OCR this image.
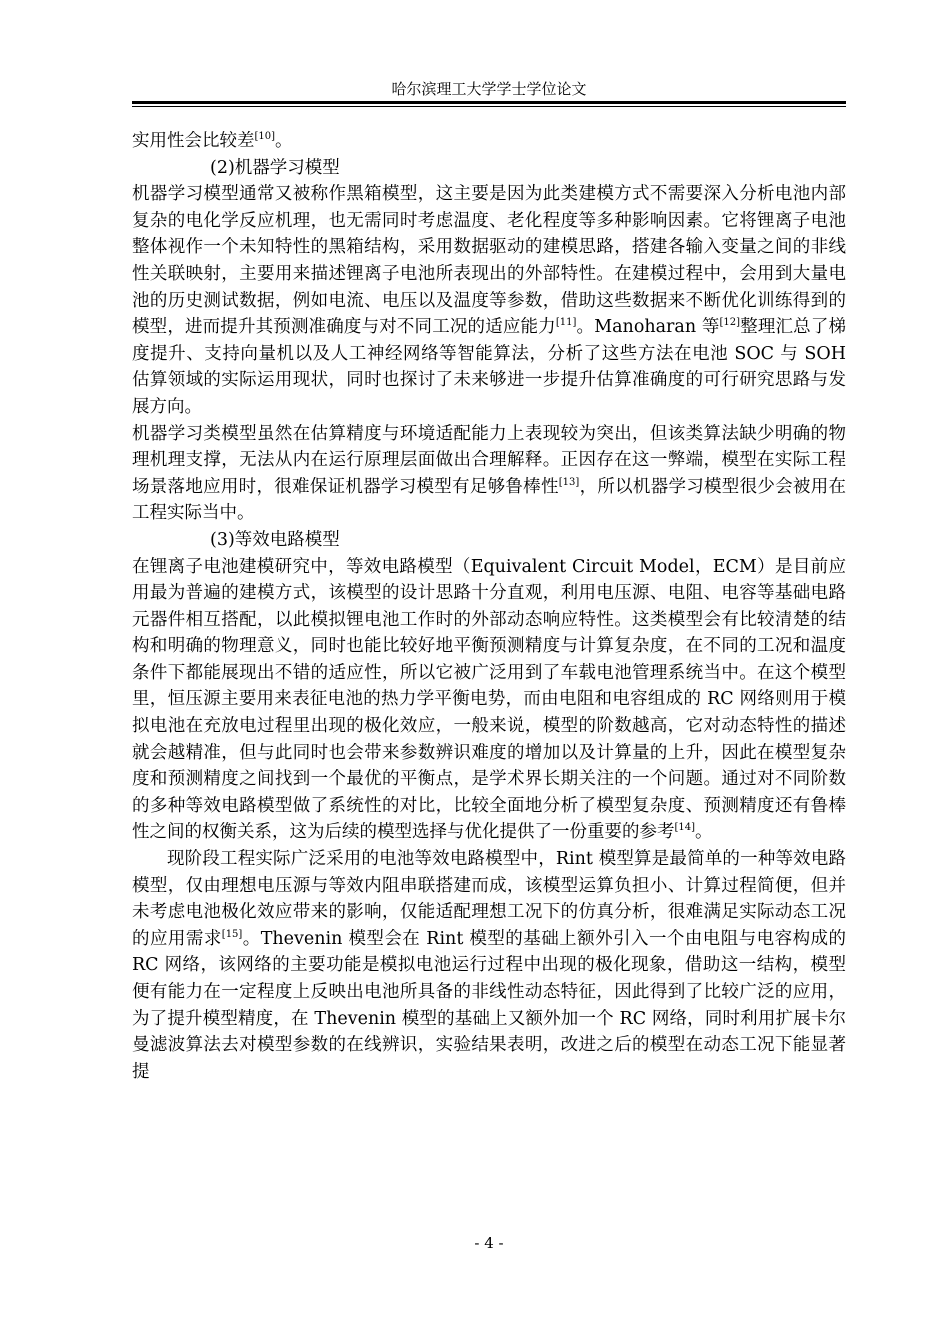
哈尔滨理工大学学士学位论文

实用性会比较差[10]。

(2)机器学习模型

机器学习模型通常又被称作黑箱模型，这主要是因为此类建模方式不需要深入分析电池内部复杂的电化学反应机理，也无需同时考虑温度、老化程度等多种影响因素。它将锂离子电池整体视作一个未知特性的黑箱结构，采用数据驱动的建模思路，搭建各输入变量之间的非线性关联映射，主要用来描述锂离子电池所表现出的外部特性。在建模过程中，会用到大量电池的历史测试数据，例如电流、电压以及温度等参数，借助这些数据来不断优化训练得到的模型，进而提升其预测准确度与对不同工况的适应能力[11]。Manoharan 等[12]整理汇总了梯度提升、支持向量机以及人工神经网络等智能算法，分析了这些方法在电池 SOC 与 SOH 估算领域的实际运用现状，同时也探讨了未来够进一步提升估算准确度的可行研究思路与发展方向。

机器学习类模型虽然在估算精度与环境适配能力上表现较为突出，但该类算法缺少明确的物理机理支撑，无法从内在运行原理层面做出合理解释。正因存在这一弊端，模型在实际工程场景落地应用时，很难保证机器学习模型有足够鲁棒性[13]，所以机器学习模型很少会被用在工程实际当中。

(3)等效电路模型

在锂离子电池建模研究中，等效电路模型（Equivalent Circuit Model，ECM）是目前应用最为普遍的建模方式，该模型的设计思路十分直观，利用电压源、电阻、电容等基础电路元器件相互搭配，以此模拟锂电池工作时的外部动态响应特性。这类模型会有比较清楚的结构和明确的物理意义，同时也能比较好地平衡预测精度与计算复杂度，在不同的工况和温度条件下都能展现出不错的适应性，所以它被广泛用到了车载电池管理系统当中。在这个模型里，恒压源主要用来表征电池的热力学平衡电势，而由电阻和电容组成的 RC 网络则用于模拟电池在充放电过程里出现的极化效应，一般来说，模型的阶数越高，它对动态特性的描述就会越精准，但与此同时也会带来参数辨识难度的增加以及计算量的上升，因此在模型复杂度和预测精度之间找到一个最优的平衡点，是学术界长期关注的一个问题。通过对不同阶数的多种等效电路模型做了系统性的对比，比较全面地分析了模型复杂度、预测精度还有鲁棒性之间的权衡关系，这为后续的模型选择与优化提供了一份重要的参考[14]。

现阶段工程实际广泛采用的电池等效电路模型中，Rint 模型算是最简单的一种等效电路模型，仅由理想电压源与等效内阻串联搭建而成，该模型运算负担小、计算过程简便，但并未考虑电池极化效应带来的影响，仅能适配理想工况下的仿真分析，很难满足实际动态工况的应用需求[15]。Thevenin 模型会在 Rint 模型的基础上额外引入一个由电阻与电容构成的 RC 网络，该网络的主要功能是模拟电池运行过程中出现的极化现象，借助这一结构，模型便有能力在一定程度上反映出电池所具备的非线性动态特征，因此得到了比较广泛的应用，为了提升模型精度，在 Thevenin 模型的基础上又额外加一个 RC 网络，同时利用扩展卡尔曼滤波算法去对模型参数的在线辨识，实验结果表明，改进之后的模型在动态工况下能显著提

- 4 -
